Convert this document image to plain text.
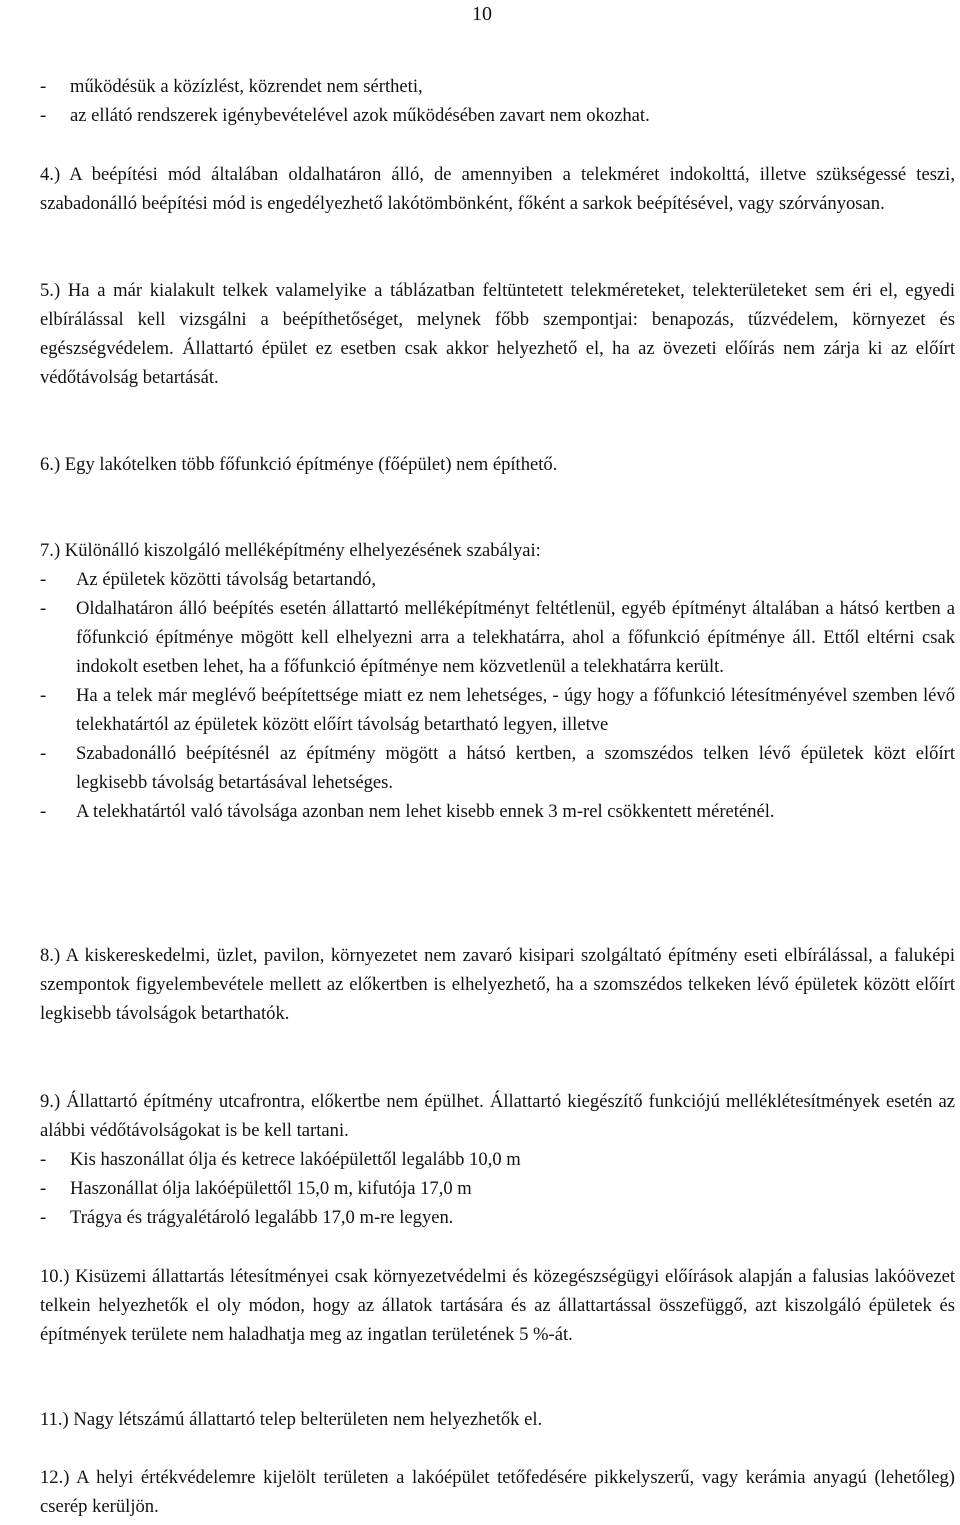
10
- működésük a közízlést, közrendet nem sértheti,
- az ellátó rendszerek igénybevételével azok működésében zavart nem okozhat.

4.) A beépítési mód általában oldalhatáron álló, de amennyiben a telekméret indokolttá, illetve szükségessé teszi, szabadonálló beépítési mód is engedélyezhető lakótömbönként, főként a sarkok beépítésével, vagy szórványosan.

5.) Ha a már kialakult telkek valamelyike a táblázatban feltüntetett telekméreteket, telekterületeket sem éri el, egyedi elbírálással kell vizsgálni a beépíthetőséget, melynek főbb szempontjai: benapozás, tűzvédelem, környezet és egészségvédelem. Állattartó épület ez esetben csak akkor helyezhető el, ha az övezeti előírás nem zárja ki az előírt védőtávolság betartását.

6.) Egy lakótelken több főfunkció építménye (főépület) nem építhető.

7.) Különálló kiszolgáló melléképítmény elhelyezésének szabályai:
- Az épületek közötti távolság betartandó,
- Oldalhatáron álló beépítés esetén állattartó melléképítményt feltétlenül, egyéb építményt általában a hátsó kertben a főfunkció építménye mögött kell elhelyezni arra a telekhatárra, ahol a főfunkció építménye áll. Ettől eltérni csak indokolt esetben lehet, ha a főfunkció építménye nem közvetlenül a telekhatárra került.
- Ha a telek már meglévő beépítettsége miatt ez nem lehetséges, - úgy hogy a főfunkció létesítményével szemben lévő telekhatártól az épületek között előírt távolság betartható legyen, illetve
- Szabadonálló beépítésnél az építmény mögött a hátsó kertben, a szomszédos telken lévő épületek közt előírt legkisebb távolság betartásával lehetséges.
- A telekhatártól való távolsága azonban nem lehet kisebb ennek 3 m-rel csökkentett méreténél.

8.) A kiskereskedelmi, üzlet, pavilon, környezetet nem zavaró kisipari szolgáltató építmény eseti elbírálással, a faluképi szempontok figyelembevétele mellett az előkertben is elhelyezhető, ha a szomszédos telkeken lévő épületek között előírt legkisebb távolságok betarthatók.

9.) Állattartó építmény utcafrontra, előkertbe nem épülhet. Állattartó kiegészítő funkciójú melléklétesítmények esetén az alábbi védőtávolságokat is be kell tartani.
- Kis haszonállat ólja és ketrece lakóépülettől legalább 10,0 m
- Haszonállat ólja lakóépülettől 15,0 m, kifutója 17,0 m
- Trágya és trágyalétároló legalább 17,0 m-re legyen.

10.) Kisüzemi állattartás létesítményei csak környezetvédelmi és közegészségügyi előírások alapján a falusias lakóövezet telkein helyezhetők el oly módon, hogy az állatok tartására és az állattartással összefüggő, azt kiszolgáló épületek és építmények területe nem haladhatja meg az ingatlan területének 5 %-át.

11.) Nagy létszámú állattartó telep belterületen nem helyezhetők el.

12.) A helyi értékvédelemre kijelölt területen a lakóépület tetőfedésére pikkelyszerű, vagy kerámia anyagú (lehetőleg) cserép kerüljön.
